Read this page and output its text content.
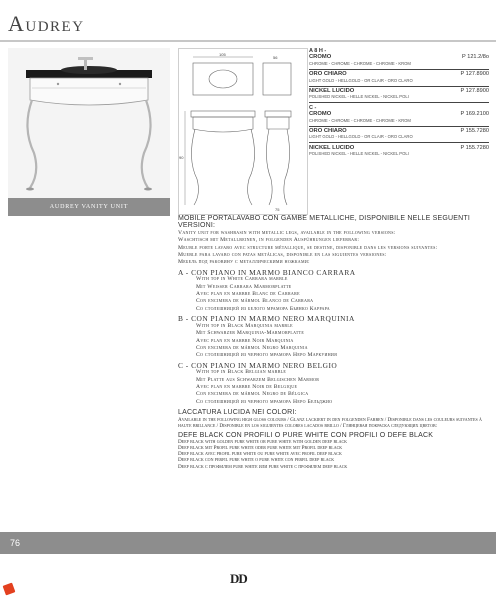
Audrey
AUDREY VANITY UNIT
105
56
90
75
A 8 H -
CROMO	P 121.2/8o
CHROME - CHROME - CHROME - CHROME - KROM
ORO CHIARO	P 127.8900
LIGHT GOLD - HELLGOLD - OR CLAIR - ORO CLARO
NICKEL LUCIDO	P 127.8900
POLISHED NICKEL - HELLE NICKEL - NICKEL POLI
C -
CROMO	P 169.2100
CHROME - CHROME - CHROME - CHROME - KROM
ORO CHIARO	P 155.7280
LIGHT GOLD - HELLGOLD - OR CLAIR - ORO CLARO
NICKEL LUCIDO	P 155.7280
POLISHED NICKEL - HELLE NICKEL - NICKEL POLI
MOBILE PORTALAVABO CON GAMBE METALLICHE, DISPONIBILE NELLE SEGUENTI VERSIONI:
Vanity unit for washbasin with metallic legs, available in the following versions:
Waschtisch mit Metallbeinen, in folgenden Ausführungen lieferbar:
Meuble porte lavabo avec structure métallique, se destine, disponible dans les versions suivantes:
Mueble para lavabo con patas metálicas, disponible en las siguientes versiones:
Мебель под раковину с металлическими ножками:
A - CON PIANO IN MARMO BIANCO CARRARA
With top in White Carrara marble
Mit Weisser Carrara Marmorplatte
Avec plan en marbre Blanc de Carrare
Con encimera de mármol Blanco de Carrara
Со столешницей из белого мрамора Бьянко Каррара
B - CON PIANO IN MARMO NERO MARQUINIA
With top in Black Marquinia marble
Mit Schwarzer Marquinia-Marmorplatte
Avec plan en marbre Noir Marquinia
Con encimera de mármol Negro Marquinia
Со столешницей из черного мрамора Неро Маркуиния
C - CON PIANO IN MARMO NERO BELGIO
With top in Black Belgian marble
Mit Platte aus Schwarzem Belgischen Marmor
Avec plan en marbre Noir de Belgique
Con encimera de mármol Negro de Bélgica
Со столешницей из черного мрамора Неро Бельджио
LACCATURA LUCIDA NEI COLORI:
Available in the following high gloss colours / Glanz lackiert in den folgenden Farben / Disponible dans les couleurs suivantes à haute brillance / Disponible en los siguientes colores lacados brillo / Глянцевая покраска следующих цветов:
DEFE BLACK CON PROFILI O PURE WHITE CON PROFILI O DEFE BLACK
Deep black with golden pure white or pure white with golden deep black
Deep black mit Profil pure white oder pure white mit Profil deep black
Deep black avec profil pure white ou pure white avec profil deep black
Deep black con perfil pure white o pure white con perfil deep black
Deep black с профилем pure white или pure white с профилем deep black
76
DD
